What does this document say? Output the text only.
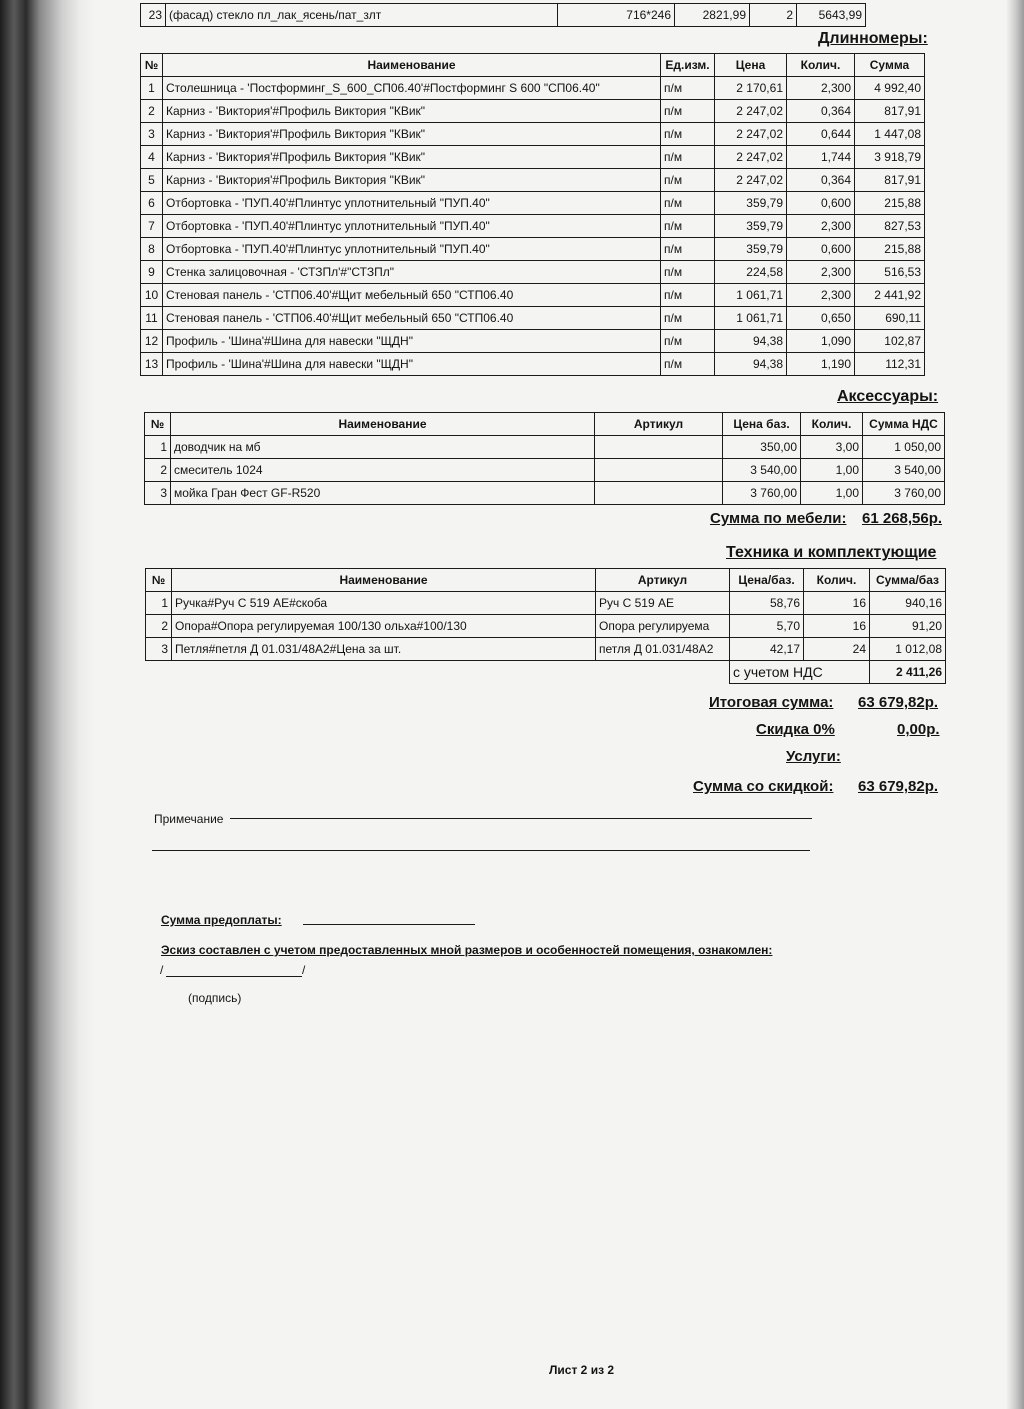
23	(фасад) стекло пл_лак_ясень/пат_злт	716*246	2821,99	2	5643,99
Длинномеры:
№	Наименование	Ед.изм.	Цена	Колич.	Сумма
1	Столешница - 'Постформинг_S_600_СП06.40'#Постформинг S 600 "СП06.40"	п/м	2 170,61	2,300	4 992,40
2	Карниз - 'Виктория'#Профиль Виктория "КВик"	п/м	2 247,02	0,364	817,91
3	Карниз - 'Виктория'#Профиль Виктория "КВик"	п/м	2 247,02	0,644	1 447,08
4	Карниз - 'Виктория'#Профиль Виктория "КВик"	п/м	2 247,02	1,744	3 918,79
5	Карниз - 'Виктория'#Профиль Виктория "КВик"	п/м	2 247,02	0,364	817,91
6	Отбортовка - 'ПУП.40'#Плинтус уплотнительный "ПУП.40"	п/м	359,79	0,600	215,88
7	Отбортовка - 'ПУП.40'#Плинтус уплотнительный "ПУП.40"	п/м	359,79	2,300	827,53
8	Отбортовка - 'ПУП.40'#Плинтус уплотнительный "ПУП.40"	п/м	359,79	0,600	215,88
9	Стенка залицовочная - 'СТЗПл'#"СТЗПл"	п/м	224,58	2,300	516,53
10	Стеновая панель - 'СТП06.40'#Щит мебельный 650 "СТП06.40	п/м	1 061,71	2,300	2 441,92
11	Стеновая панель - 'СТП06.40'#Щит мебельный 650 "СТП06.40	п/м	1 061,71	0,650	690,11
12	Профиль - 'Шина'#Шина для навески "ЩДН"	п/м	94,38	1,090	102,87
13	Профиль - 'Шина'#Шина для навески "ЩДН"	п/м	94,38	1,190	112,31
Аксессуары:
№	Наименование	Артикул	Цена баз.	Колич.	Сумма НДС
1	доводчик на мб		350,00	3,00	1 050,00
2	смеситель 1024		3 540,00	1,00	3 540,00
3	мойка Гран Фест GF-R520		3 760,00	1,00	3 760,00
Сумма по мебели: 61 268,56р.
Техника и комплектующие
№	Наименование	Артикул	Цена/баз.	Колич.	Сумма/баз
1	Ручка#Руч С 519 АЕ#скоба	Руч С 519 АЕ	58,76	16	940,16
2	Опора#Опора регулируемая 100/130 ольха#100/130	Опора регулируема	5,70	16	91,20
3	Петля#петля Д 01.031/48А2#Цена за шт.	петля Д 01.031/48А2	42,17	24	1 012,08
			с учетом НДС		2 411,26
Итоговая сумма: 63 679,82р.
Скидка 0%	0,00р.
Услуги:
Сумма со скидкой: 63 679,82р.
Примечание
Сумма предоплаты:
Эскиз составлен с учетом предоставленных мной размеров и особенностей помещения, ознакомлен:
/	/
(подпись)
Лист 2 из 2
